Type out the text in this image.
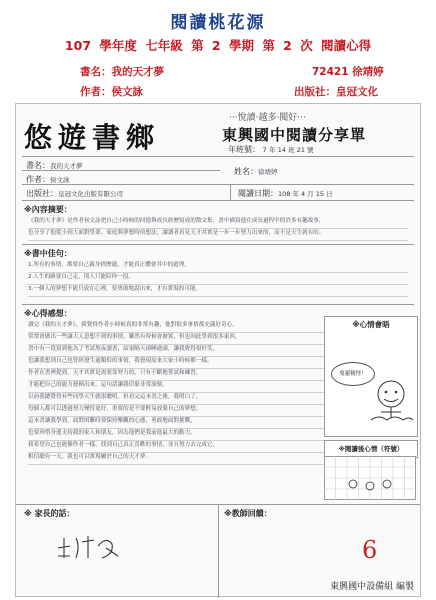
閱讀桃花源
107 學年度 七年級 第 2 學期 第 2 次 閱讀心得
書名：我的天才夢	72421 徐靖婷
作者：侯文詠	出版社：皇冠文化
悠遊書鄉
‧‧‧悅讀‧越多‧閱好‧‧‧
東興國中閱讀分享單
年班號： 7 年 14 班 21 號
書名：我的天才夢
姓名：徐靖婷
作者：侯文詠
出版社：皇冠文化出版有限公司	閱讀日期：108 年 4 月 15 日
※內容摘要：
《我的天才夢》是作者侯文詠把自己小時候的回憶與成長經歷寫成的散文集，書中描寫他在成長過程中的許多有趣故事，
也分享了他從小到大面對學業、家庭與夢想時的想法，讓讀者看見天才其實是一步一步努力出來的，而不是天生就有的。
※書中佳句：
1.所有的事情，都要自己親身經歷過，才能真正體會其中的道理。
2.人生的路要自己走，別人只能陪你一段。
3.一個人的夢想不能只放在心裡，要勇敢地說出來，才有實現的可能。
※心得感想：
讀完《我的天才夢》，我覺得作者小時候真的非常有趣，他對很多事情都充滿好奇心，
常常會做出一些讓大人意想不到的事情，雖然有時候會被罵，但也因此學到很多東西。
書中有一段寫到他為了考試熬夜讀書，結果隔天卻睡過頭，讓我覺得很好笑，
也讓我想到自己也曾經發生過類似的事情，我發現原來大家小時候都一樣。
作者在書裡提到，天才其實是需要靠努力的，只有不斷地嘗試和練習，
才能把自己的能力發揮出來，這句話讓我印象非常深刻。
以前我總覺得有些同學天生就很聰明，但看完這本書之後，我明白了，
每個人都可以透過努力變得更好，重要的是不要輕易放棄自己的夢想。
這本書讓我學到，面對困難時要保持樂觀的心態，勇敢地面對挑戰，
也要珍惜身邊支持我的家人和朋友，因為他們是我前進最大的動力。
我希望自己也能像作者一樣，找到自己真正喜歡的事情，並且努力去完成它，
相信總有一天，我也可以實現屬於自己的天才夢。
※心情會晤
鬼靈精怪！
※閱讀後心情（符號）
※ 家長的話：	※教師回饋：
6
東興國中設備組 編製
